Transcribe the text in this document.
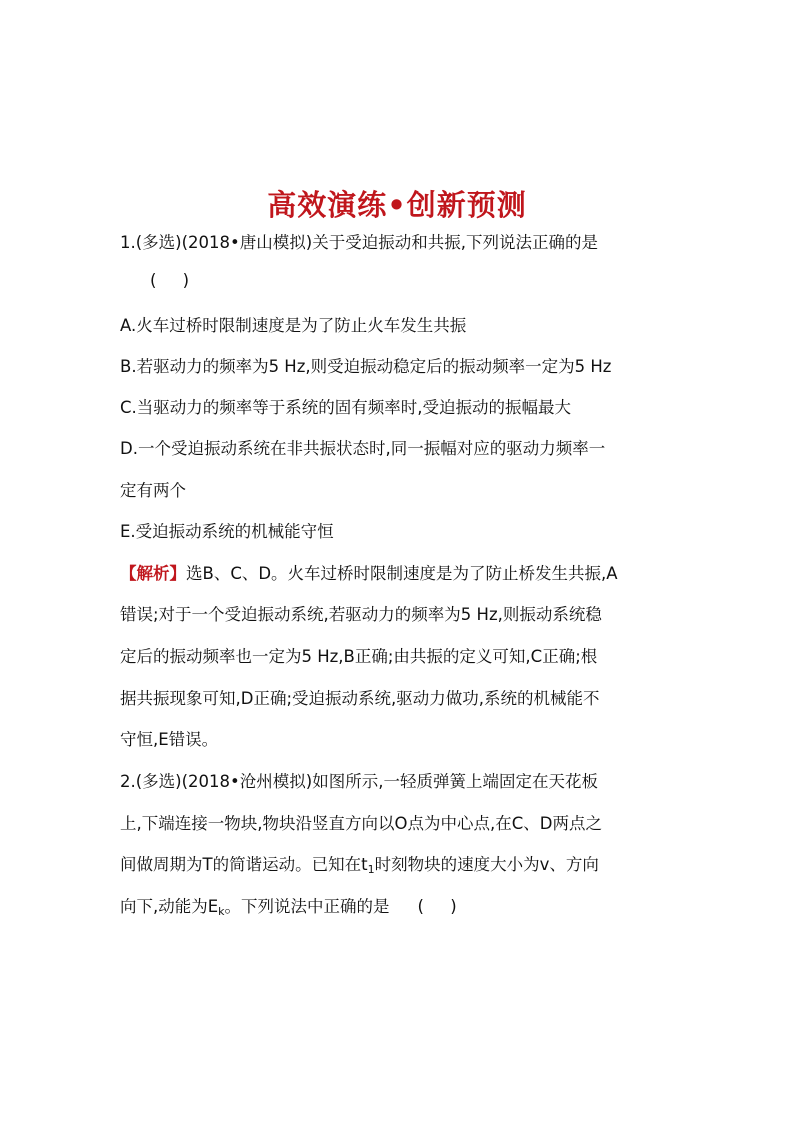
高效演练•创新预测
1.(多选)(2018•唐山模拟)关于受迫振动和共振,下列说法正确的是
(     )
A.火车过桥时限制速度是为了防止火车发生共振
B.若驱动力的频率为5 Hz,则受迫振动稳定后的振动频率一定为5 Hz
C.当驱动力的频率等于系统的固有频率时,受迫振动的振幅最大
D.一个受迫振动系统在非共振状态时,同一振幅对应的驱动力频率一
定有两个
E.受迫振动系统的机械能守恒
【解析】选B、C、D。火车过桥时限制速度是为了防止桥发生共振,A
错误;对于一个受迫振动系统,若驱动力的频率为5 Hz,则振动系统稳
定后的振动频率也一定为5 Hz,B正确;由共振的定义可知,C正确;根
据共振现象可知,D正确;受迫振动系统,驱动力做功,系统的机械能不
守恒,E错误。
2.(多选)(2018•沧州模拟)如图所示,一轻质弹簧上端固定在天花板
上,下端连接一物块,物块沿竖直方向以O点为中心点,在C、D两点之
间做周期为T的简谐运动。已知在$t_1$时刻物块的速度大小为v、方向
向下,动能为$E_k$。下列说法中正确的是 (     )
